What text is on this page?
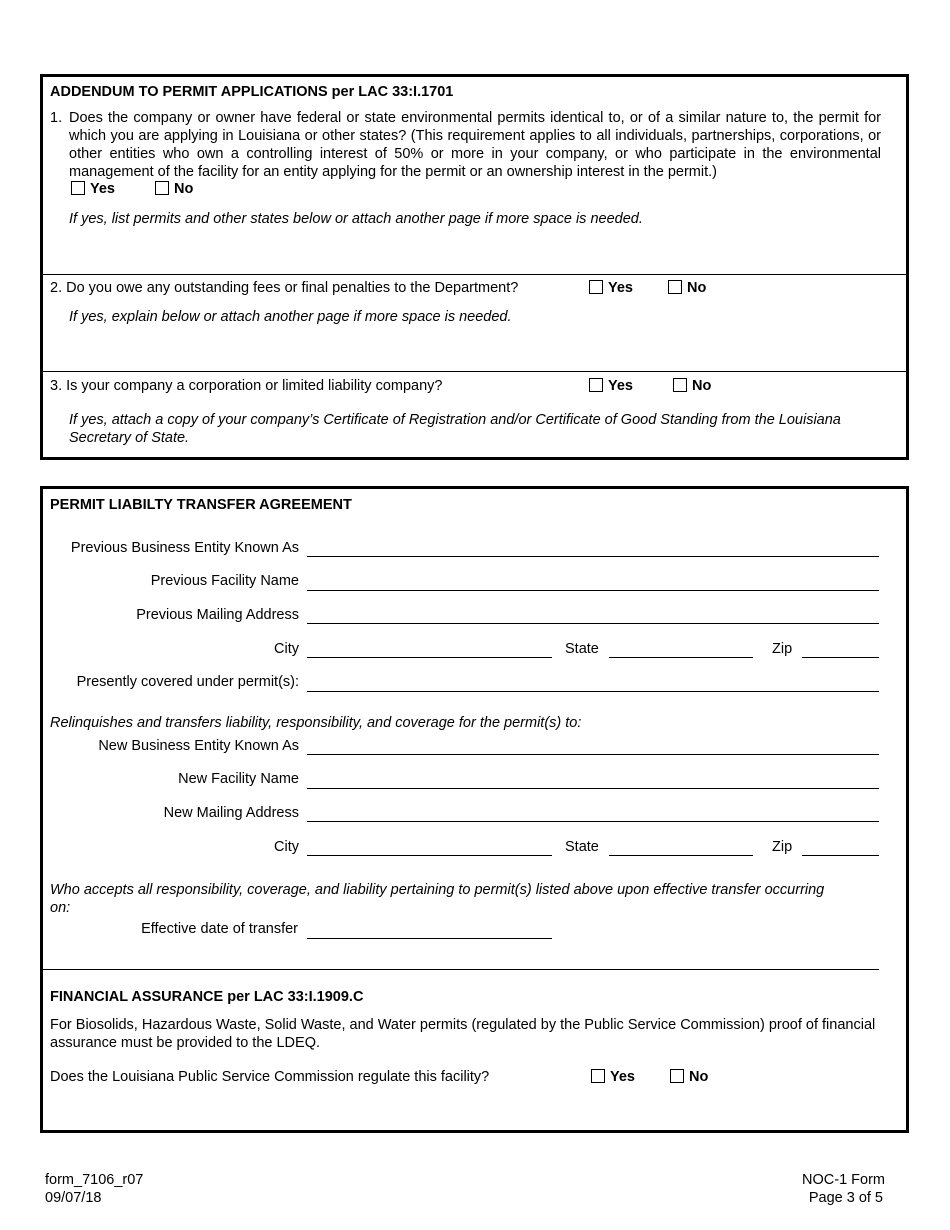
ADDENDUM TO PERMIT APPLICATIONS per LAC 33:I.1701
1. Does the company or owner have federal or state environmental permits identical to, or of a similar nature to, the permit for which you are applying in Louisiana or other states? (This requirement applies to all individuals, partnerships, corporations, or other entities who own a controlling interest of 50% or more in your company, or who participate in the environmental management of the facility for an entity applying for the permit or an ownership interest in the permit.)
Yes	No
If yes, list permits and other states below or attach another page if more space is needed.
2. Do you owe any outstanding fees or final penalties to the Department?	Yes	No
If yes, explain below or attach another page if more space is needed.
3. Is your company a corporation or limited liability company?	Yes	No
If yes, attach a copy of your company’s Certificate of Registration and/or Certificate of Good Standing from the Louisiana Secretary of State.
PERMIT LIABILTY TRANSFER AGREEMENT
Previous Business Entity Known As
Previous Facility Name
Previous Mailing Address
City	State	Zip
Presently covered under permit(s):
Relinquishes and transfers liability, responsibility, and coverage for the permit(s) to:
New Business Entity Known As
New Facility Name
New Mailing Address
City	State	Zip
Who accepts all responsibility, coverage, and liability pertaining to permit(s) listed above upon effective transfer occurring on:
Effective date of transfer
FINANCIAL ASSURANCE per LAC 33:I.1909.C
For Biosolids, Hazardous Waste, Solid Waste, and Water permits (regulated by the Public Service Commission) proof of financial assurance must be provided to the LDEQ.
Does the Louisiana Public Service Commission regulate this facility?	Yes	No
form_7106_r07
09/07/18
NOC-1 Form
Page 3 of 5
